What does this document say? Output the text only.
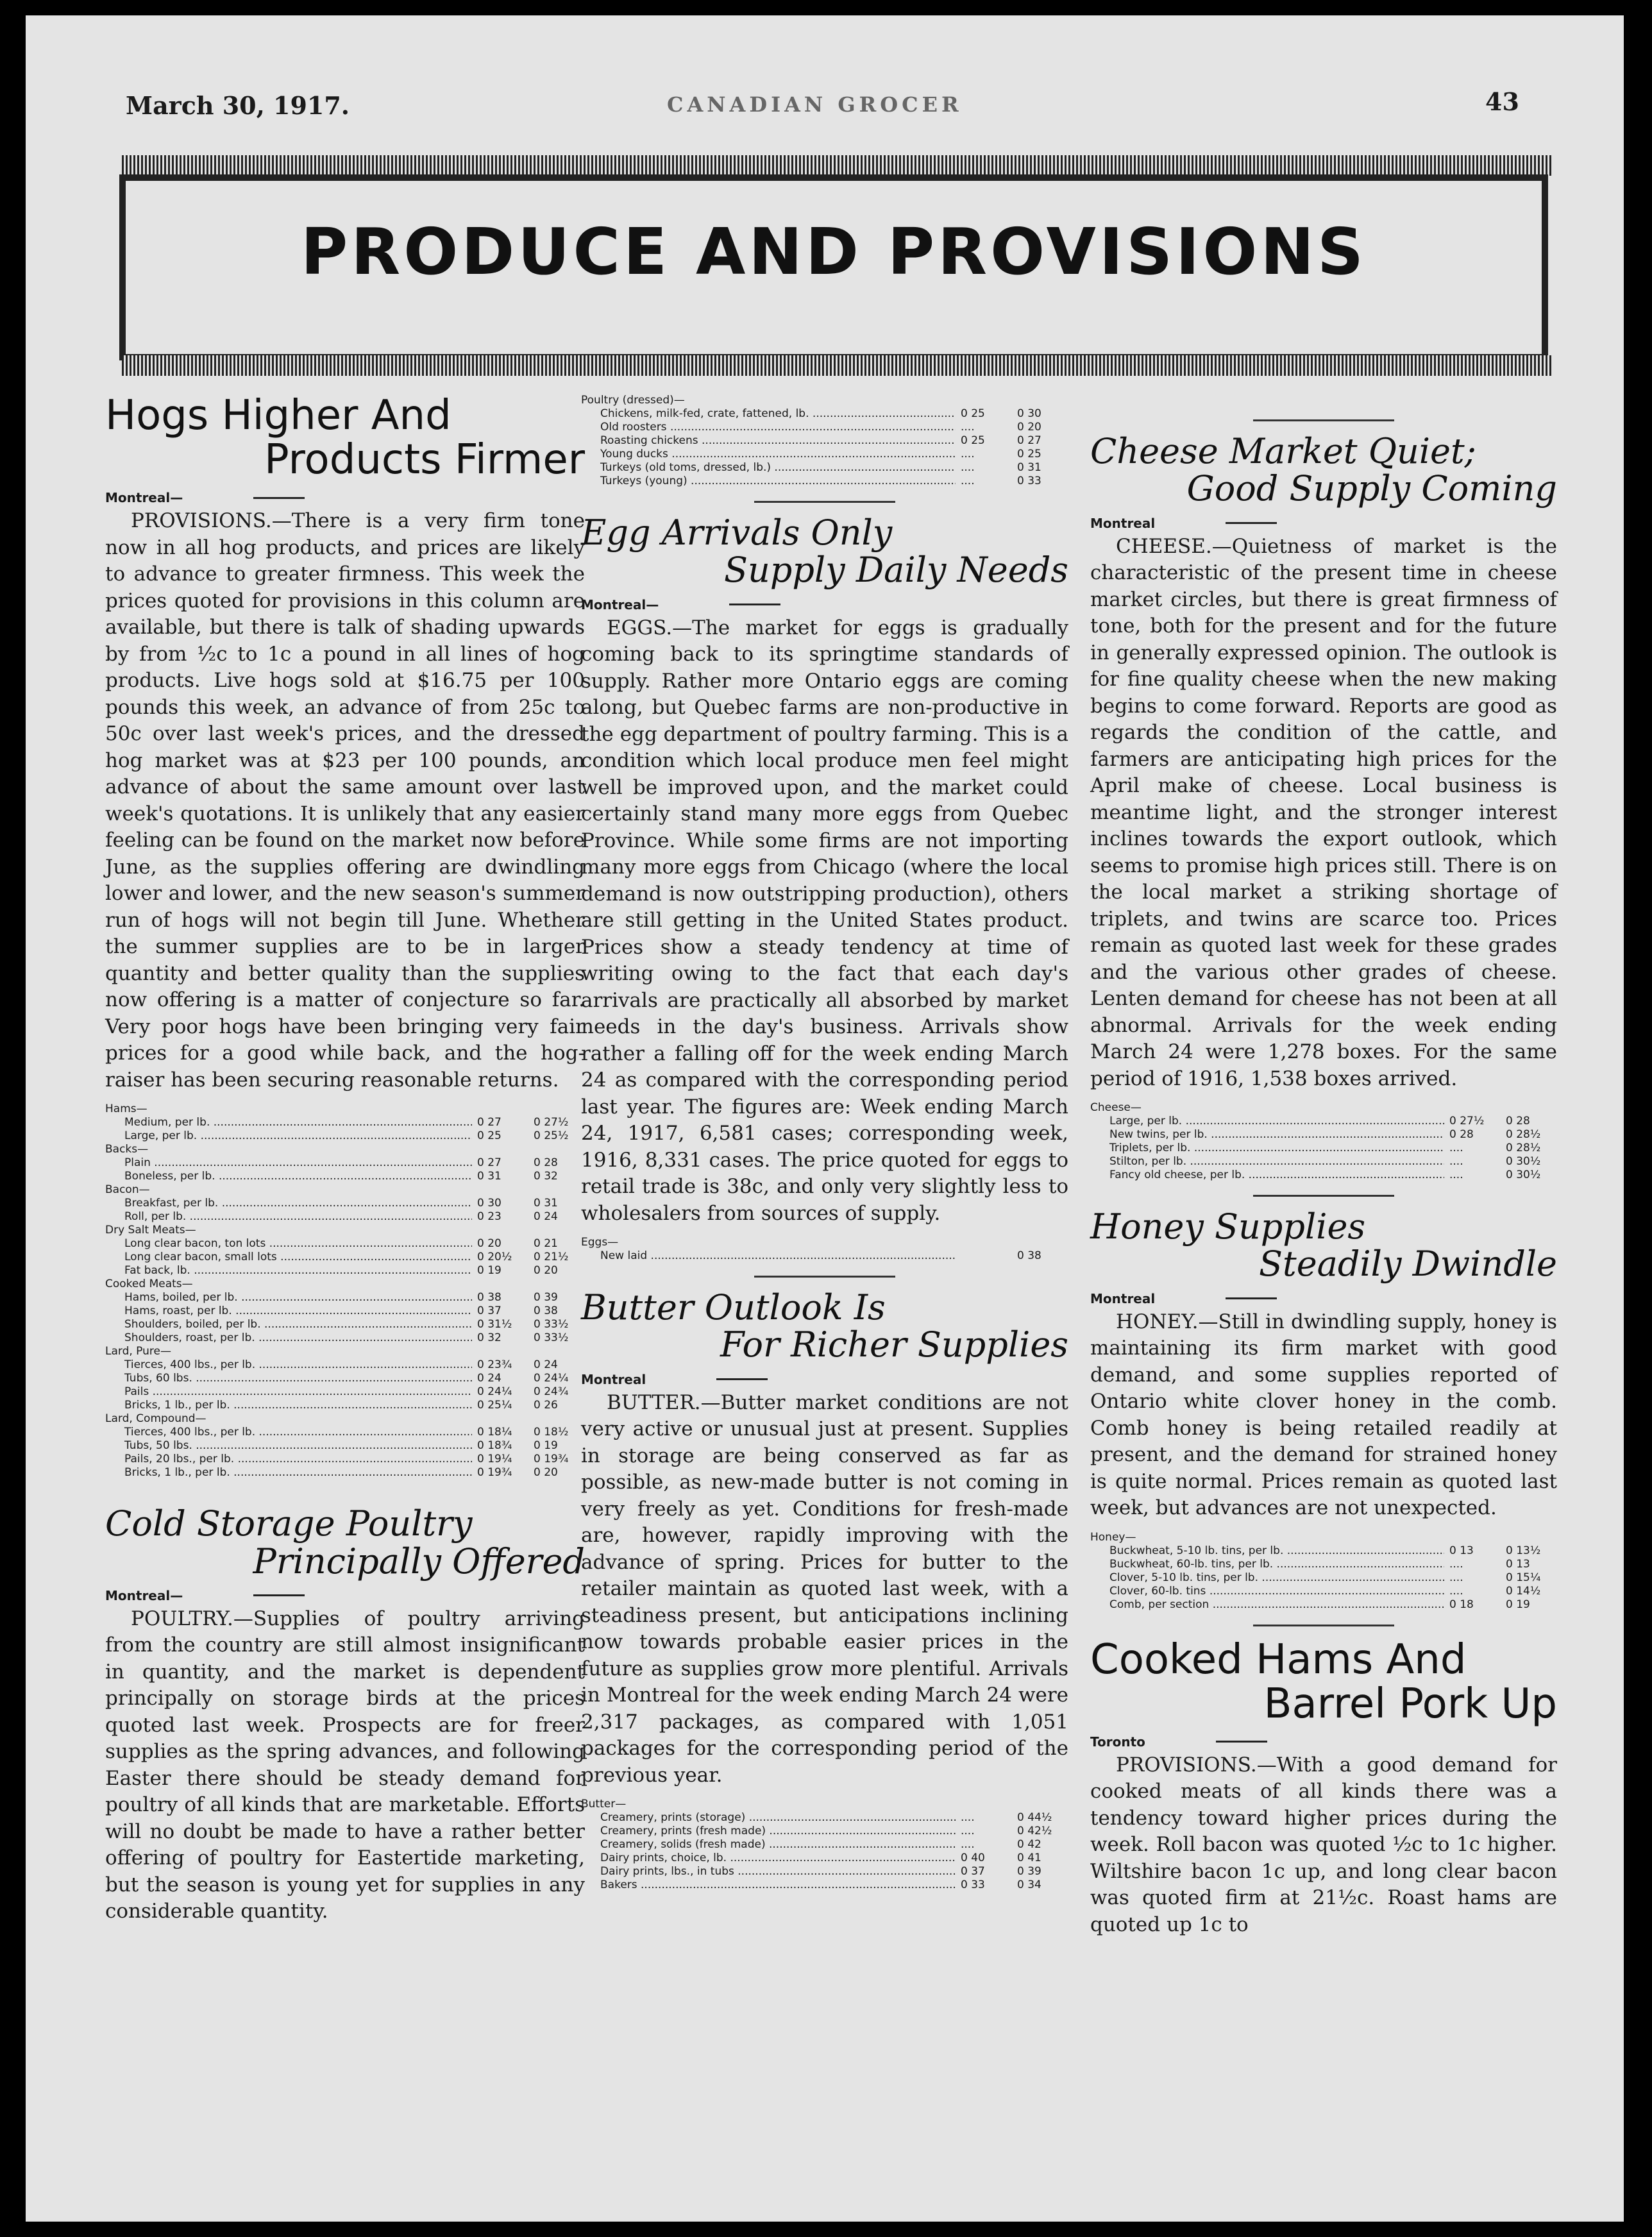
March 30, 1917.	CANADIAN GROCER	43
PRODUCE AND PROVISIONS
Hogs Higher And
Products Firmer
Montreal—

PROVISIONS.—There is a very firm tone now in all hog products, and prices are likely to advance to greater firmness. This week the prices quoted for provisions in this column are available, but there is talk of shading upwards by from ½c to 1c a pound in all lines of hog products. Live hogs sold at $16.75 per 100 pounds this week, an advance of from 25c to 50c over last week's prices, and the dressed hog market was at $23 per 100 pounds, an advance of about the same amount over last week's quotations. It is unlikely that any easier feeling can be found on the market now before June, as the supplies offering are dwindling lower and lower, and the new season's summer run of hogs will not begin till June. Whether the summer supplies are to be in larger quantity and better quality than the supplies now offering is a matter of conjecture so far. Very poor hogs have been bringing very fair prices for a good while back, and the hog-raiser has been securing reasonable returns.

Hams—
Medium, per lb. .....	0 27	0 27½
Large, per lb. .....	0 25	0 25½
Backs—
Plain .....	0 27	0 28
Boneless, per lb. .....	0 31	0 32
Bacon—
Breakfast, per lb. .....	0 30	0 31
Roll, per lb. .....	0 23	0 24
Dry Salt Meats—
Long clear bacon, ton lots .....	0 20	0 21
Long clear bacon, small lots .....	0 20½	0 21½
Fat back, lb. .....	0 19	0 20
Cooked Meats—
Hams, boiled, per lb. .....	0 38	0 39
Hams, roast, per lb. .....	0 37	0 38
Shoulders, boiled, per lb. .....	0 31½	0 33½
Shoulders, roast, per lb. .....	0 32	0 33½
Lard, Pure—
Tierces, 400 lbs., per lb. .....	0 23¾	0 24
Tubs, 60 lbs. .....	0 24	0 24¼
Pails .....	0 24¼	0 24¾
Bricks, 1 lb., per lb. .....	0 25¼	0 26
Lard, Compound—
Tierces, 400 lbs., per lb. .....	0 18¼	0 18½
Tubs, 50 lbs. .....	0 18¾	0 19
Pails, 20 lbs., per lb. .....	0 19¼	0 19¾
Bricks, 1 lb., per lb. .....	0 19¾	0 20
Cold Storage Poultry
Principally Offered
Montreal—

POULTRY.—Supplies of poultry arriving from the country are still almost insignificant in quantity, and the market is dependent principally on storage birds at the prices quoted last week. Prospects are for freer supplies as the spring advances, and following Easter there should be steady demand for poultry of all kinds that are marketable. Efforts will no doubt be made to have a rather better offering of poultry for Eastertide marketing, but the season is young yet for supplies in any considerable quantity.

Poultry (dressed)—
Chickens, milk-fed, crate, fattened, lb. .....	0 25	0 30
Old roosters .....	....	0 20
Roasting chickens .....	0 25	0 27
Young ducks .....	....	0 25
Turkeys (old toms, dressed, lb.) .....	....	0 31
Turkeys (young) .....	....	0 33
Egg Arrivals Only
Supply Daily Needs
Montreal—

EGGS.—The market for eggs is gradually coming back to its springtime standards of supply. Rather more Ontario eggs are coming along, but Quebec farms are non-productive in the egg department of poultry farming. This is a condition which local produce men feel might well be improved upon, and the market could certainly stand many more eggs from Quebec Province. While some firms are not importing many more eggs from Chicago (where the local demand is now outstripping production), others are still getting in the United States product. Prices show a steady tendency at time of writing owing to the fact that each day's arrivals are practically all absorbed by market needs in the day's business. Arrivals show rather a falling off for the week ending March 24 as compared with the corresponding period last year. The figures are: Week ending March 24, 1917, 6,581 cases; corresponding week, 1916, 8,331 cases. The price quoted for eggs to retail trade is 38c, and only very slightly less to wholesalers from sources of supply.

Eggs—
New laid .....	0 38
Butter Outlook Is
For Richer Supplies
Montreal

BUTTER.—Butter market conditions are not very active or unusual just at present. Supplies in storage are being conserved as far as possible, as new-made butter is not coming in very freely as yet. Conditions for fresh-made are, however, rapidly improving with the advance of spring. Prices for butter to the retailer maintain as quoted last week, with a steadiness present, but anticipations inclining now towards probable easier prices in the future as supplies grow more plentiful. Arrivals in Montreal for the week ending March 24 were 2,317 packages, as compared with 1,051 packages for the corresponding period of the previous year.

Butter—
Creamery, prints (storage) .....	....	0 44½
Creamery, prints (fresh made) .....	....	0 42½
Creamery, solids (fresh made) .....	....	0 42
Dairy prints, choice, lb. .....	0 40	0 41
Dairy prints, lbs., in tubs .....	0 37	0 39
Bakers .....	0 33	0 34
Cheese Market Quiet;
Good Supply Coming
Montreal

CHEESE.—Quietness of market is the characteristic of the present time in cheese market circles, but there is great firmness of tone, both for the present and for the future in generally expressed opinion. The outlook is for fine quality cheese when the new making begins to come forward. Reports are good as regards the condition of the cattle, and farmers are anticipating high prices for the April make of cheese. Local business is meantime light, and the stronger interest inclines towards the export outlook, which seems to promise high prices still. There is on the local market a striking shortage of triplets, and twins are scarce too. Prices remain as quoted last week for these grades and the various other grades of cheese. Lenten demand for cheese has not been at all abnormal. Arrivals for the week ending March 24 were 1,278 boxes. For the same period of 1916, 1,538 boxes arrived.

Cheese—
Large, per lb. .....	0 27½	0 28
New twins, per lb. .....	0 28	0 28½
Triplets, per lb. .....	....	0 28½
Stilton, per lb. .....	....	0 30½
Fancy old cheese, per lb. .....	....	0 30½
Honey Supplies
Steadily Dwindle
Montreal

HONEY.—Still in dwindling supply, honey is maintaining its firm market with good demand, and some supplies reported of Ontario white clover honey in the comb. Comb honey is being retailed readily at present, and the demand for strained honey is quite normal. Prices remain as quoted last week, but advances are not unexpected.

Honey—
Buckwheat, 5-10 lb. tins, per lb. .....	0 13	0 13½
Buckwheat, 60-lb. tins, per lb. .....	....	0 13
Clover, 5-10 lb. tins, per lb. .....	....	0 15¼
Clover, 60-lb. tins .....	....	0 14½
Comb, per section .....	0 18	0 19
Cooked Hams And
Barrel Pork Up
Toronto

PROVISIONS.—With a good demand for cooked meats of all kinds there was a tendency toward higher prices during the week. Roll bacon was quoted ½c to 1c higher. Wiltshire bacon 1c up, and long clear bacon was quoted firm at 21½c. Roast hams are quoted up 1c to
